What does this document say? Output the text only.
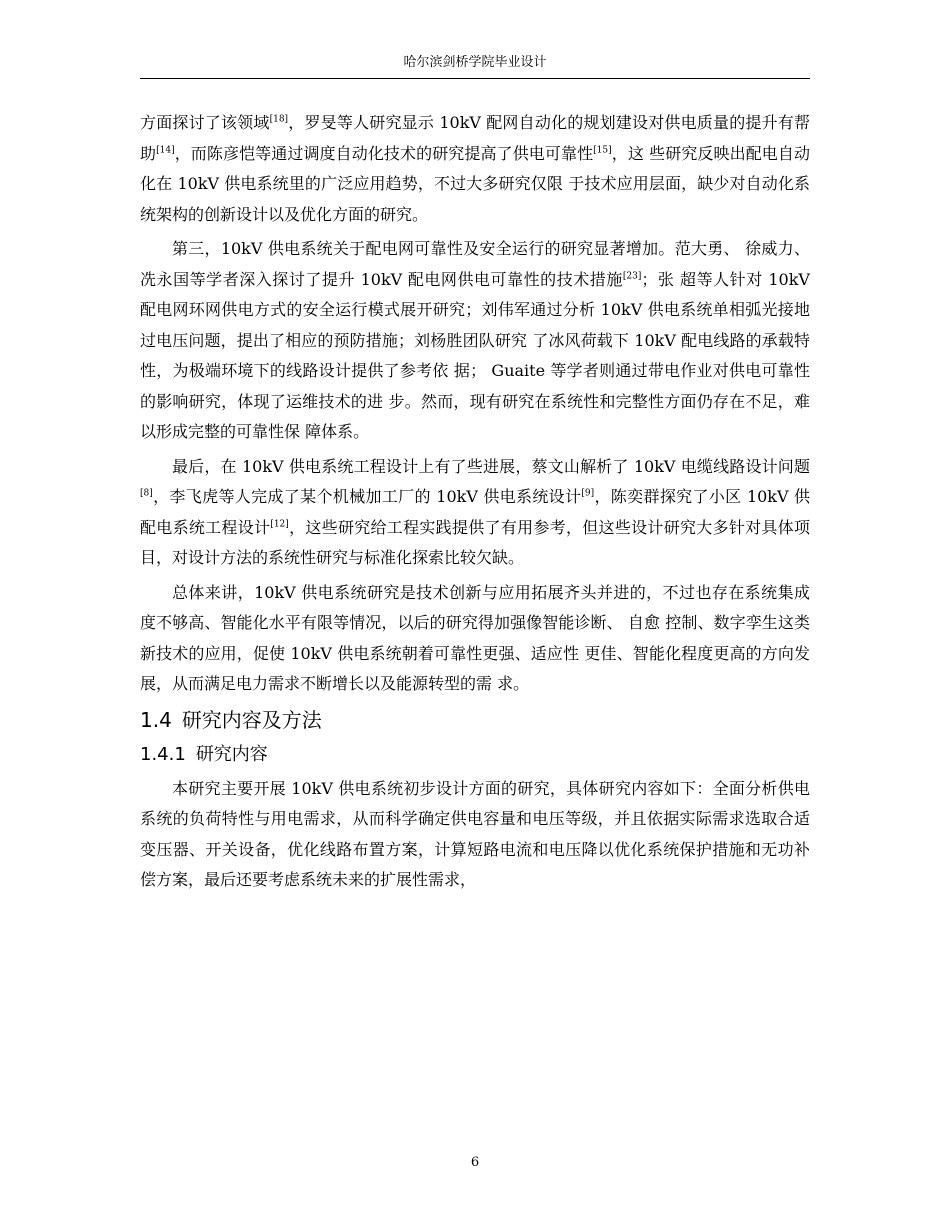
哈尔滨剑桥学院毕业设计

方面探讨了该领域[18]，罗旻等人研究显示 10kV 配网自动化的规划建设对供电质量的提升有帮助[14]，而陈彦恺等通过调度自动化技术的研究提高了供电可靠性[15]，这 些研究反映出配电自动化在 10kV 供电系统里的广泛应用趋势，不过大多研究仅限 于技术应用层面，缺少对自动化系统架构的创新设计以及优化方面的研究。

第三，10kV 供电系统关于配电网可靠性及安全运行的研究显著增加。范大勇、 徐威力、冼永国等学者深入探讨了提升 10kV 配电网供电可靠性的技术措施[23]；张 超等人针对 10kV 配电网环网供电方式的安全运行模式展开研究；刘伟军通过分析 10kV 供电系统单相弧光接地过电压问题，提出了相应的预防措施；刘杨胜团队研究 了冰风荷载下 10kV 配电线路的承载特性，为极端环境下的线路设计提供了参考依 据； Guaite 等学者则通过带电作业对供电可靠性的影响研究，体现了运维技术的进 步。然而，现有研究在系统性和完整性方面仍存在不足，难以形成完整的可靠性保 障体系。

最后，在 10kV 供电系统工程设计上有了些进展，蔡文山解析了 10kV 电缆线路设计问题[8]，李飞虎等人完成了某个机械加工厂的 10kV 供电系统设计[9]，陈奕群探究了小区 10kV 供配电系统工程设计[12]，这些研究给工程实践提供了有用参考，但这些设计研究大多针对具体项目，对设计方法的系统性研究与标准化探索比较欠缺。

总体来讲，10kV 供电系统研究是技术创新与应用拓展齐头并进的，不过也存在系统集成度不够高、智能化水平有限等情况，以后的研究得加强像智能诊断、 自愈 控制、数字孪生这类新技术的应用，促使 10kV 供电系统朝着可靠性更强、适应性 更佳、智能化程度更高的方向发展，从而满足电力需求不断增长以及能源转型的需 求。

1.4 研究内容及方法
1.4.1 研究内容

本研究主要开展 10kV 供电系统初步设计方面的研究，具体研究内容如下：全面分析供电系统的负荷特性与用电需求，从而科学确定供电容量和电压等级，并且依据实际需求选取合适变压器、开关设备，优化线路布置方案，计算短路电流和电压降以优化系统保护措施和无功补偿方案，最后还要考虑系统未来的扩展性需求，

6
